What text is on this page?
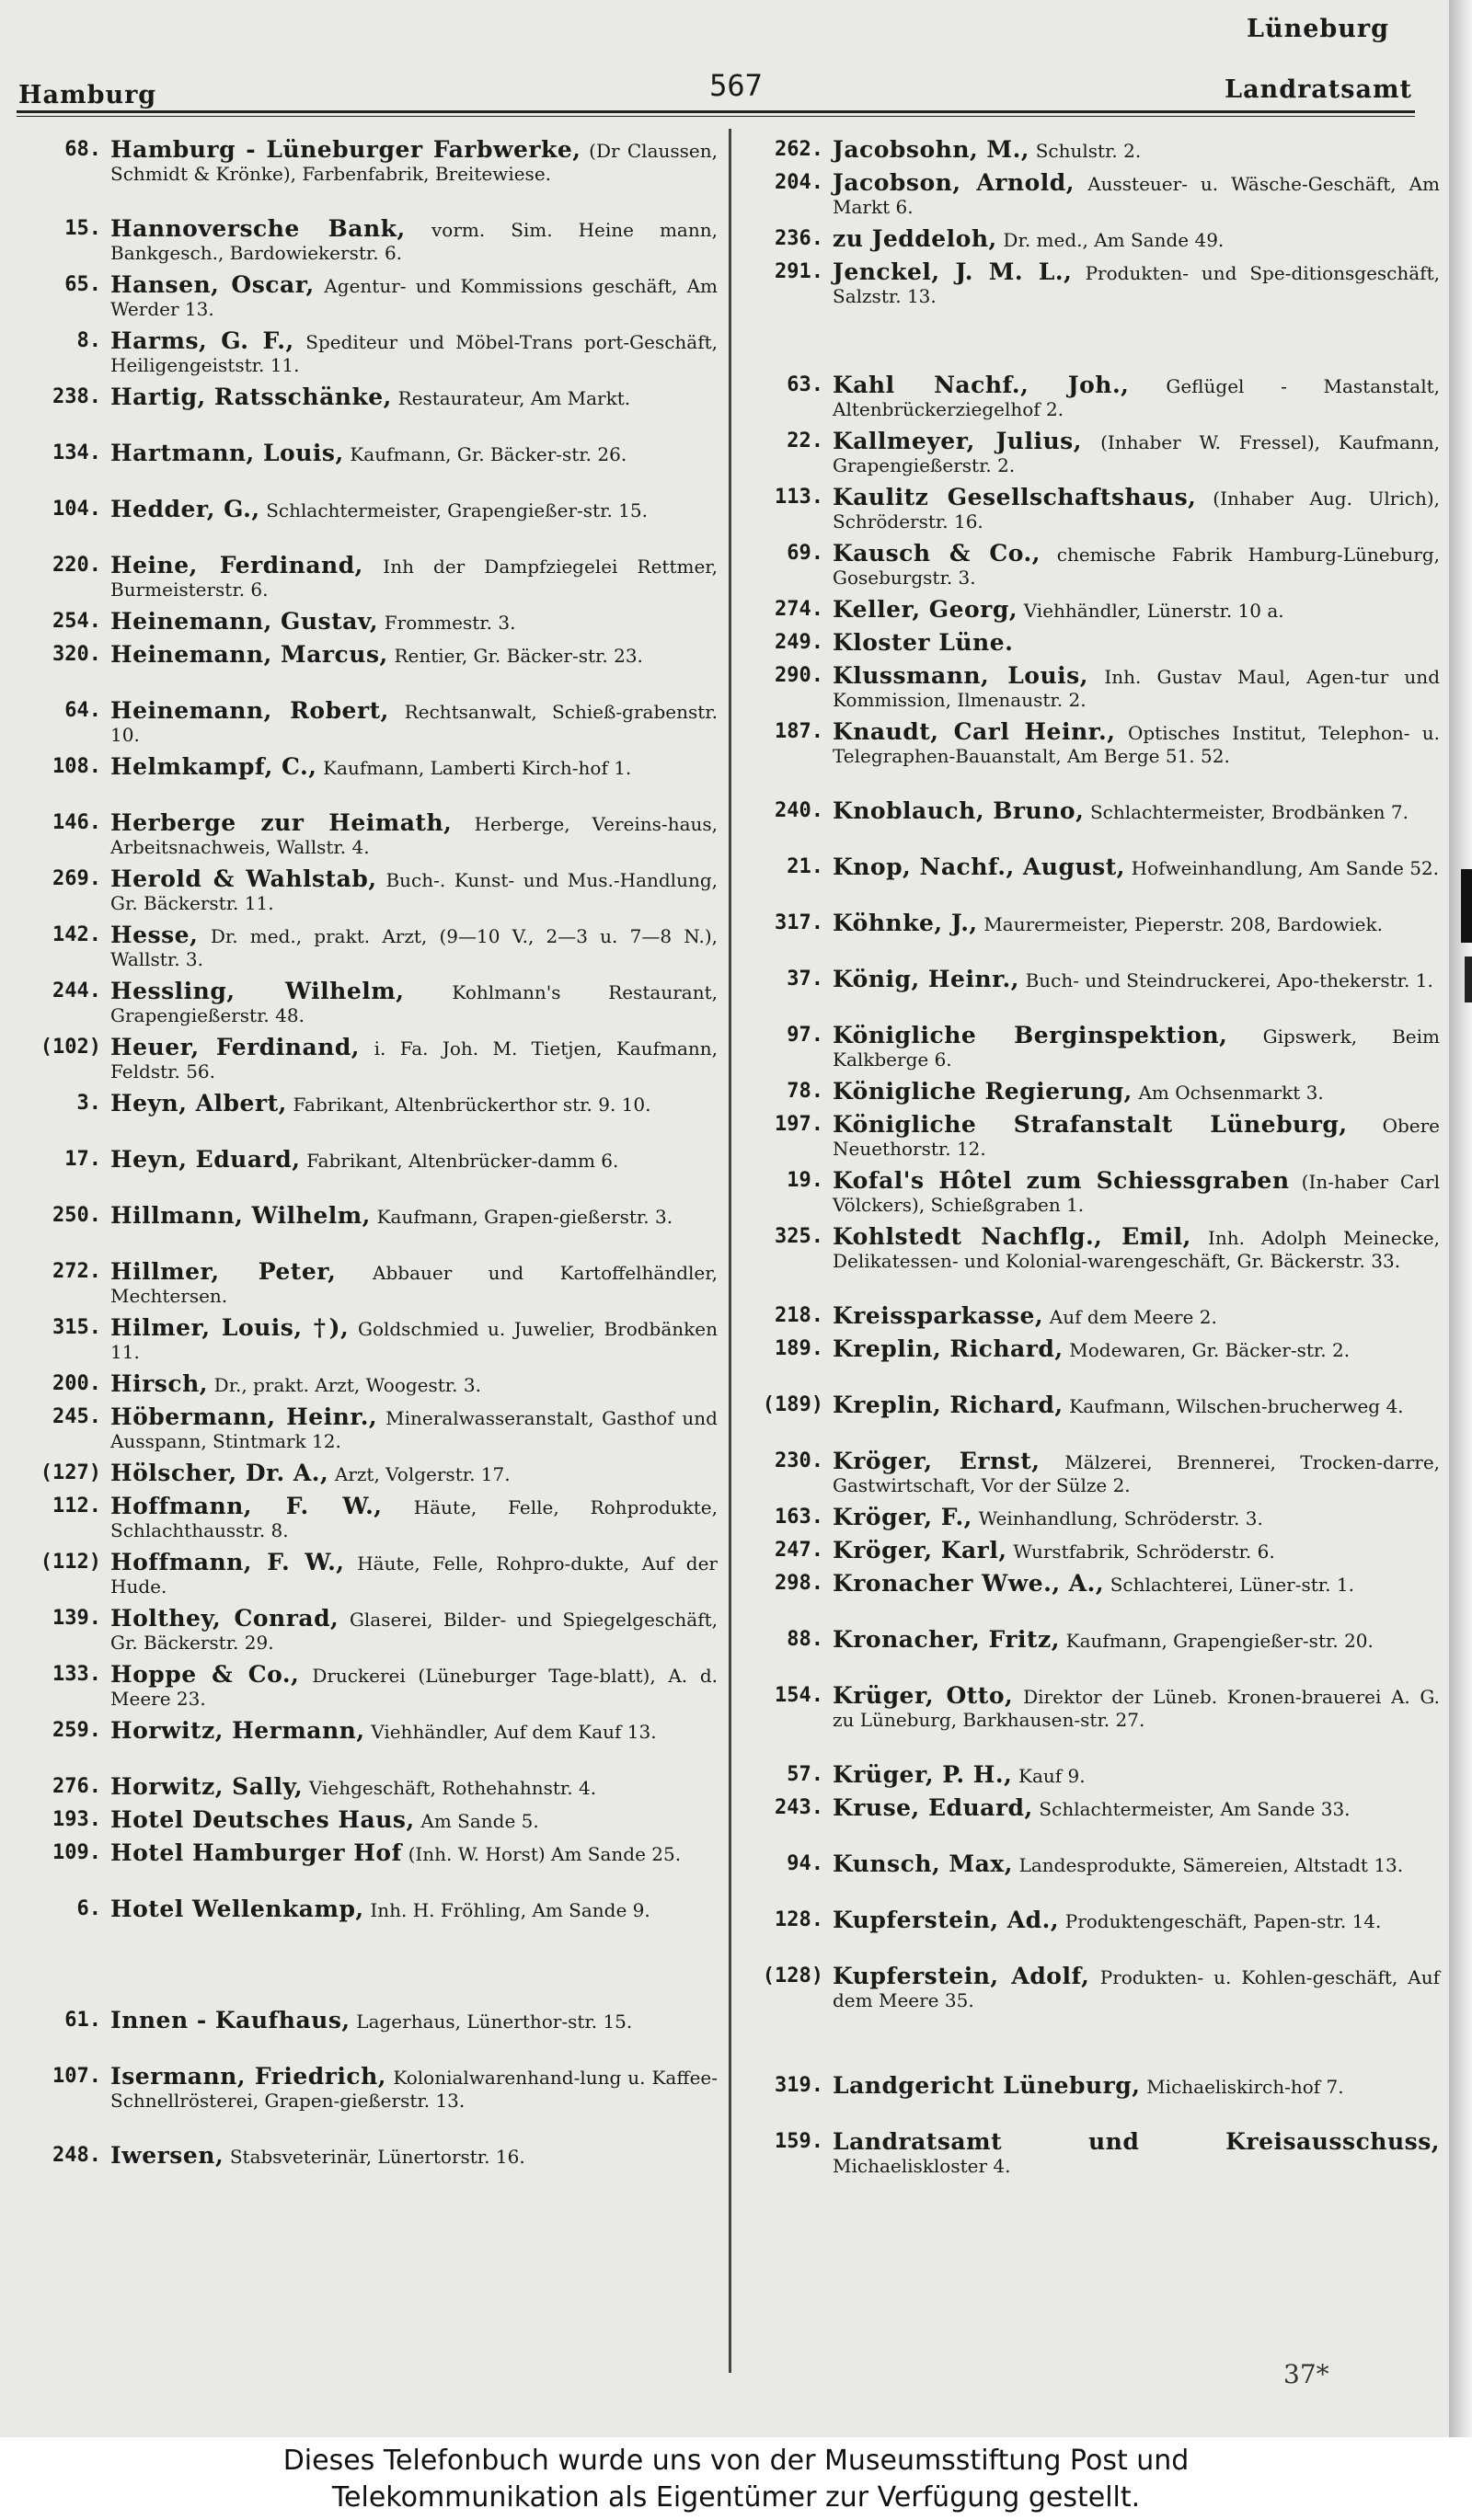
Lüneburg
Hamburg	567	Landratsamt
68. Hamburg - Lüneburger Farbwerke, (Dr Claussen, Schmidt & Krönke), Farbenfabrik, Breitewiese.
15. Hannoversche Bank, vorm. Sim. Heine mann, Bankgesch., Bardowiekerstr. 6.
65. Hansen, Oscar, Agentur- und Kommissions geschäft, Am Werder 13.
8. Harms, G. F., Spediteur und Möbel-Trans port-Geschäft, Heiligengeiststr. 11.
238. Hartig, Ratsschänke, Restaurateur, Am Markt.
134. Hartmann, Louis, Kaufmann, Gr. Bäcker-str. 26.
104. Hedder, G., Schlachtermeister, Grapengießer-str. 15.
220. Heine, Ferdinand, Inh der Dampfziegelei Rettmer, Burmeisterstr. 6.
254. Heinemann, Gustav, Frommestr. 3.
320. Heinemann, Marcus, Rentier, Gr. Bäcker-str. 23.
64. Heinemann, Robert, Rechtsanwalt, Schieß-grabenstr. 10.
108. Helmkampf, C., Kaufmann, Lamberti Kirch-hof 1.
146. Herberge zur Heimath, Herberge, Vereins-haus, Arbeitsnachweis, Wallstr. 4.
269. Herold & Wahlstab, Buch-. Kunst- und Mus.-Handlung, Gr. Bäckerstr. 11.
142. Hesse, Dr. med., prakt. Arzt, (9—10 V., 2—3 u. 7—8 N.), Wallstr. 3.
244. Hessling, Wilhelm,	Kohlmann's Restaurant, Grapengießerstr. 48.
(102) Heuer, Ferdinand, i. Fa. Joh. M. Tietjen, Kaufmann, Feldstr. 56.
3. Heyn, Albert, Fabrikant, Altenbrückerthor str. 9. 10.
17. Heyn, Eduard, Fabrikant, Altenbrücker-damm 6.
250. Hillmann, Wilhelm, Kaufmann, Grapen-gießerstr. 3.
272. Hillmer, Peter, Abbauer und Kartoffelhändler, Mechtersen.
315. Hilmer, Louis, †), Goldschmied u. Juwelier, Brodbänken 11.
200. Hirsch, Dr., prakt. Arzt, Woogestr. 3.
245. Höbermann, Heinr., Mineralwasseranstalt, Gasthof und Ausspann, Stintmark 12.
(127) Hölscher, Dr. A., Arzt, Volgerstr. 17.
112. Hoffmann, F. W., Häute, Felle, Rohprodukte, Schlachthausstr. 8.
(112) Hoffmann, F. W., Häute, Felle, Rohpro-dukte, Auf der Hude.
139. Holthey, Conrad, Glaserei, Bilder- und Spiegelgeschäft, Gr. Bäckerstr. 29.
133. Hoppe & Co., Druckerei (Lüneburger Tage-blatt), A. d. Meere 23.
259. Horwitz, Hermann, Viehhändler, Auf dem Kauf 13.
276. Horwitz, Sally, Viehgeschäft, Rothehahnstr. 4.
193. Hotel Deutsches Haus, Am Sande 5.
109. Hotel Hamburger Hof (Inh. W. Horst) Am Sande 25.
6. Hotel Wellenkamp, Inh. H. Fröhling, Am Sande 9.
61. Innen - Kaufhaus, Lagerhaus, Lünerthor-str. 15.
107. Isermann, Friedrich, Kolonialwarenhand-lung u. Kaffee-Schnellrösterei, Grapen-gießerstr. 13.
248. Iwersen, Stabsveterinär, Lünertorstr. 16.
262. Jacobsohn, M., Schulstr. 2.
204. Jacobson, Arnold, Aussteuer- u. Wäsche-Geschäft, Am Markt 6.
236. zu Jeddeloh, Dr. med., Am Sande 49.
291. Jenckel, J. M. L., Produkten- und Spe-ditionsgeschäft, Salzstr. 13.
63. Kahl Nachf., Joh., Geflügel - Mastanstalt, Altenbrückerziegelhof 2.
22. Kallmeyer, Julius, (Inhaber W. Fressel), Kaufmann, Grapengießerstr. 2.
113. Kaulitz Gesellschaftshaus, (Inhaber Aug. Ulrich), Schröderstr. 16.
69. Kausch & Co., chemische Fabrik Hamburg-Lüneburg, Goseburgstr. 3.
274. Keller, Georg, Viehhändler, Lünerstr. 10 a.
249. Kloster Lüne.
290. Klussmann, Louis, Inh. Gustav Maul, Agen-tur und Kommission, Ilmenaustr. 2.
187. Knaudt, Carl Heinr., Optisches Institut, Telephon- u. Telegraphen-Bauanstalt, Am Berge 51. 52.
240. Knoblauch, Bruno, Schlachtermeister, Brodbänken 7.
21. Knop, Nachf., August, Hofweinhandlung, Am Sande 52.
317. Köhnke, J., Maurermeister, Pieperstr. 208, Bardowiek.
37. König, Heinr., Buch- und Steindruckerei, Apo-thekerstr. 1.
97. Königliche Berginspektion, Gipswerk, Beim Kalkberge 6.
78. Königliche Regierung, Am Ochsenmarkt 3.
197. Königliche Strafanstalt Lüneburg, Obere Neuethorstr. 12.
19. Kofal's Hôtel zum Schiessgraben (In-haber Carl Völckers), Schießgraben 1.
325. Kohlstedt Nachflg., Emil, Inh. Adolph Meinecke, Delikatessen- und Kolonial-warengeschäft, Gr. Bäckerstr. 33.
218. Kreissparkasse, Auf dem Meere 2.
189. Kreplin, Richard, Modewaren, Gr. Bäcker-str. 2.
(189) Kreplin, Richard, Kaufmann, Wilschen-brucherweg 4.
230. Kröger, Ernst, Mälzerei, Brennerei, Trocken-darre, Gastwirtschaft, Vor der Sülze 2.
163. Kröger, F., Weinhandlung, Schröderstr. 3.
247. Kröger, Karl, Wurstfabrik, Schröderstr. 6.
298. Kronacher Wwe., A., Schlachterei, Lüner-str. 1.
88. Kronacher, Fritz, Kaufmann, Grapengießer-str. 20.
154. Krüger, Otto, Direktor der Lüneb. Kronen-brauerei A. G. zu Lüneburg, Barkhausen-str. 27.
57. Krüger, P. H., Kauf 9.
243. Kruse, Eduard, Schlachtermeister, Am Sande 33.
94. Kunsch, Max, Landesprodukte, Sämereien, Altstadt 13.
128. Kupferstein, Ad., Produktengeschäft, Papen-str. 14.
(128) Kupferstein, Adolf, Produkten- u. Kohlen-geschäft, Auf dem Meere 35.
319. Landgericht Lüneburg, Michaeliskirch-hof 7.
159. Landratsamt und Kreisausschuss, Michaeliskloster 4.
37*
Dieses Telefonbuch wurde uns von der Museumsstiftung Post und
Telekommunikation als Eigentümer zur Verfügung gestellt.
